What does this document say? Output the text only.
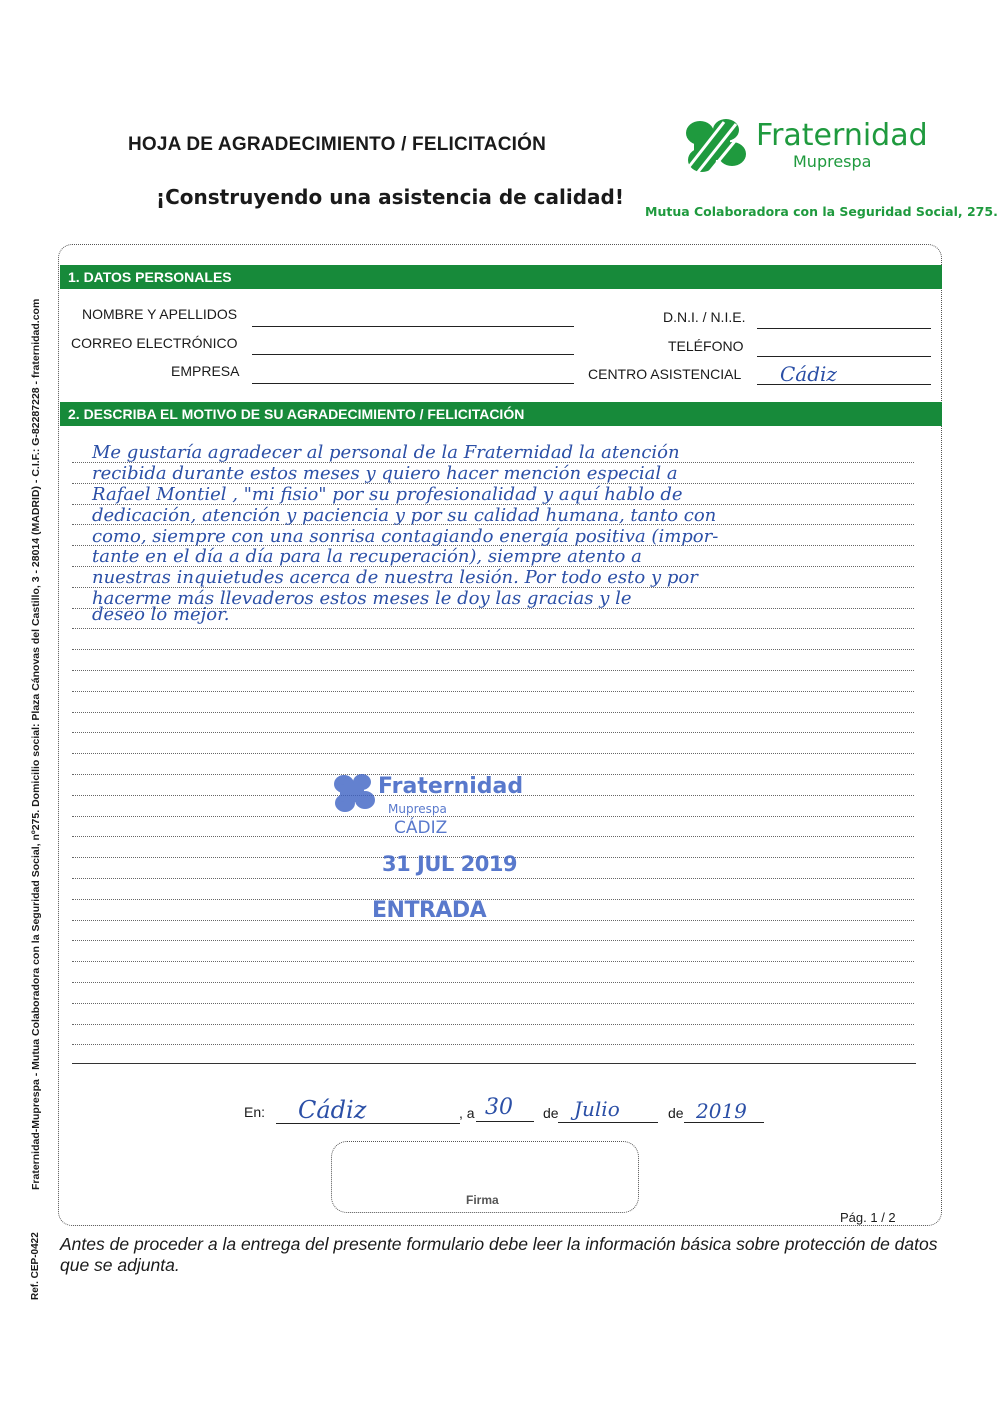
HOJA DE AGRADECIMIENTO / FELICITACIÓN
¡Construyendo una asistencia de calidad!
Fraternidad
Muprespa
Mutua Colaboradora con la Seguridad Social, 275.
Fraternidad-Muprespa - Mutua Colaboradora con la Seguridad Social, nº275. Domicilio social: Plaza Cánovas del Castillo, 3 - 28014 (MADRID) - C.I.F.: G-82287228 - fraternidad.com
Ref. CEP-0422
1. DATOS PERSONALES
NOMBRE Y APELLIDOS	D.N.I. / N.I.E.
CORREO ELECTRÓNICO	TELÉFONO
EMPRESA	CENTRO ASISTENCIAL Cádiz
2. DESCRIBA EL MOTIVO DE SU AGRADECIMIENTO / FELICITACIÓN
Me gustaría agradecer al personal de la Fraternidad la atención
recibida durante estos meses y quiero hacer mención especial a
Rafael Montiel , "mi fisio" por su profesionalidad y aquí hablo de
dedicación, atención y paciencia y por su calidad humana, tanto con
como, siempre con una sonrisa contagiando energía positiva (impor-
tante en el día a día para la recuperación), siempre atento a
nuestras inquietudes acerca de nuestra lesión. Por todo esto y por
hacerme más llevaderos estos meses le doy las gracias y le
deseo lo mejor.
Fraternidad
Muprespa
CÁDIZ
31 JUL 2019
ENTRADA
En: Cádiz	, a 30 de Julio	de 2019
Firma
Pág. 1 / 2
Antes de proceder a la entrega del presente formulario debe leer la información básica sobre protección de datos que se adjunta.
